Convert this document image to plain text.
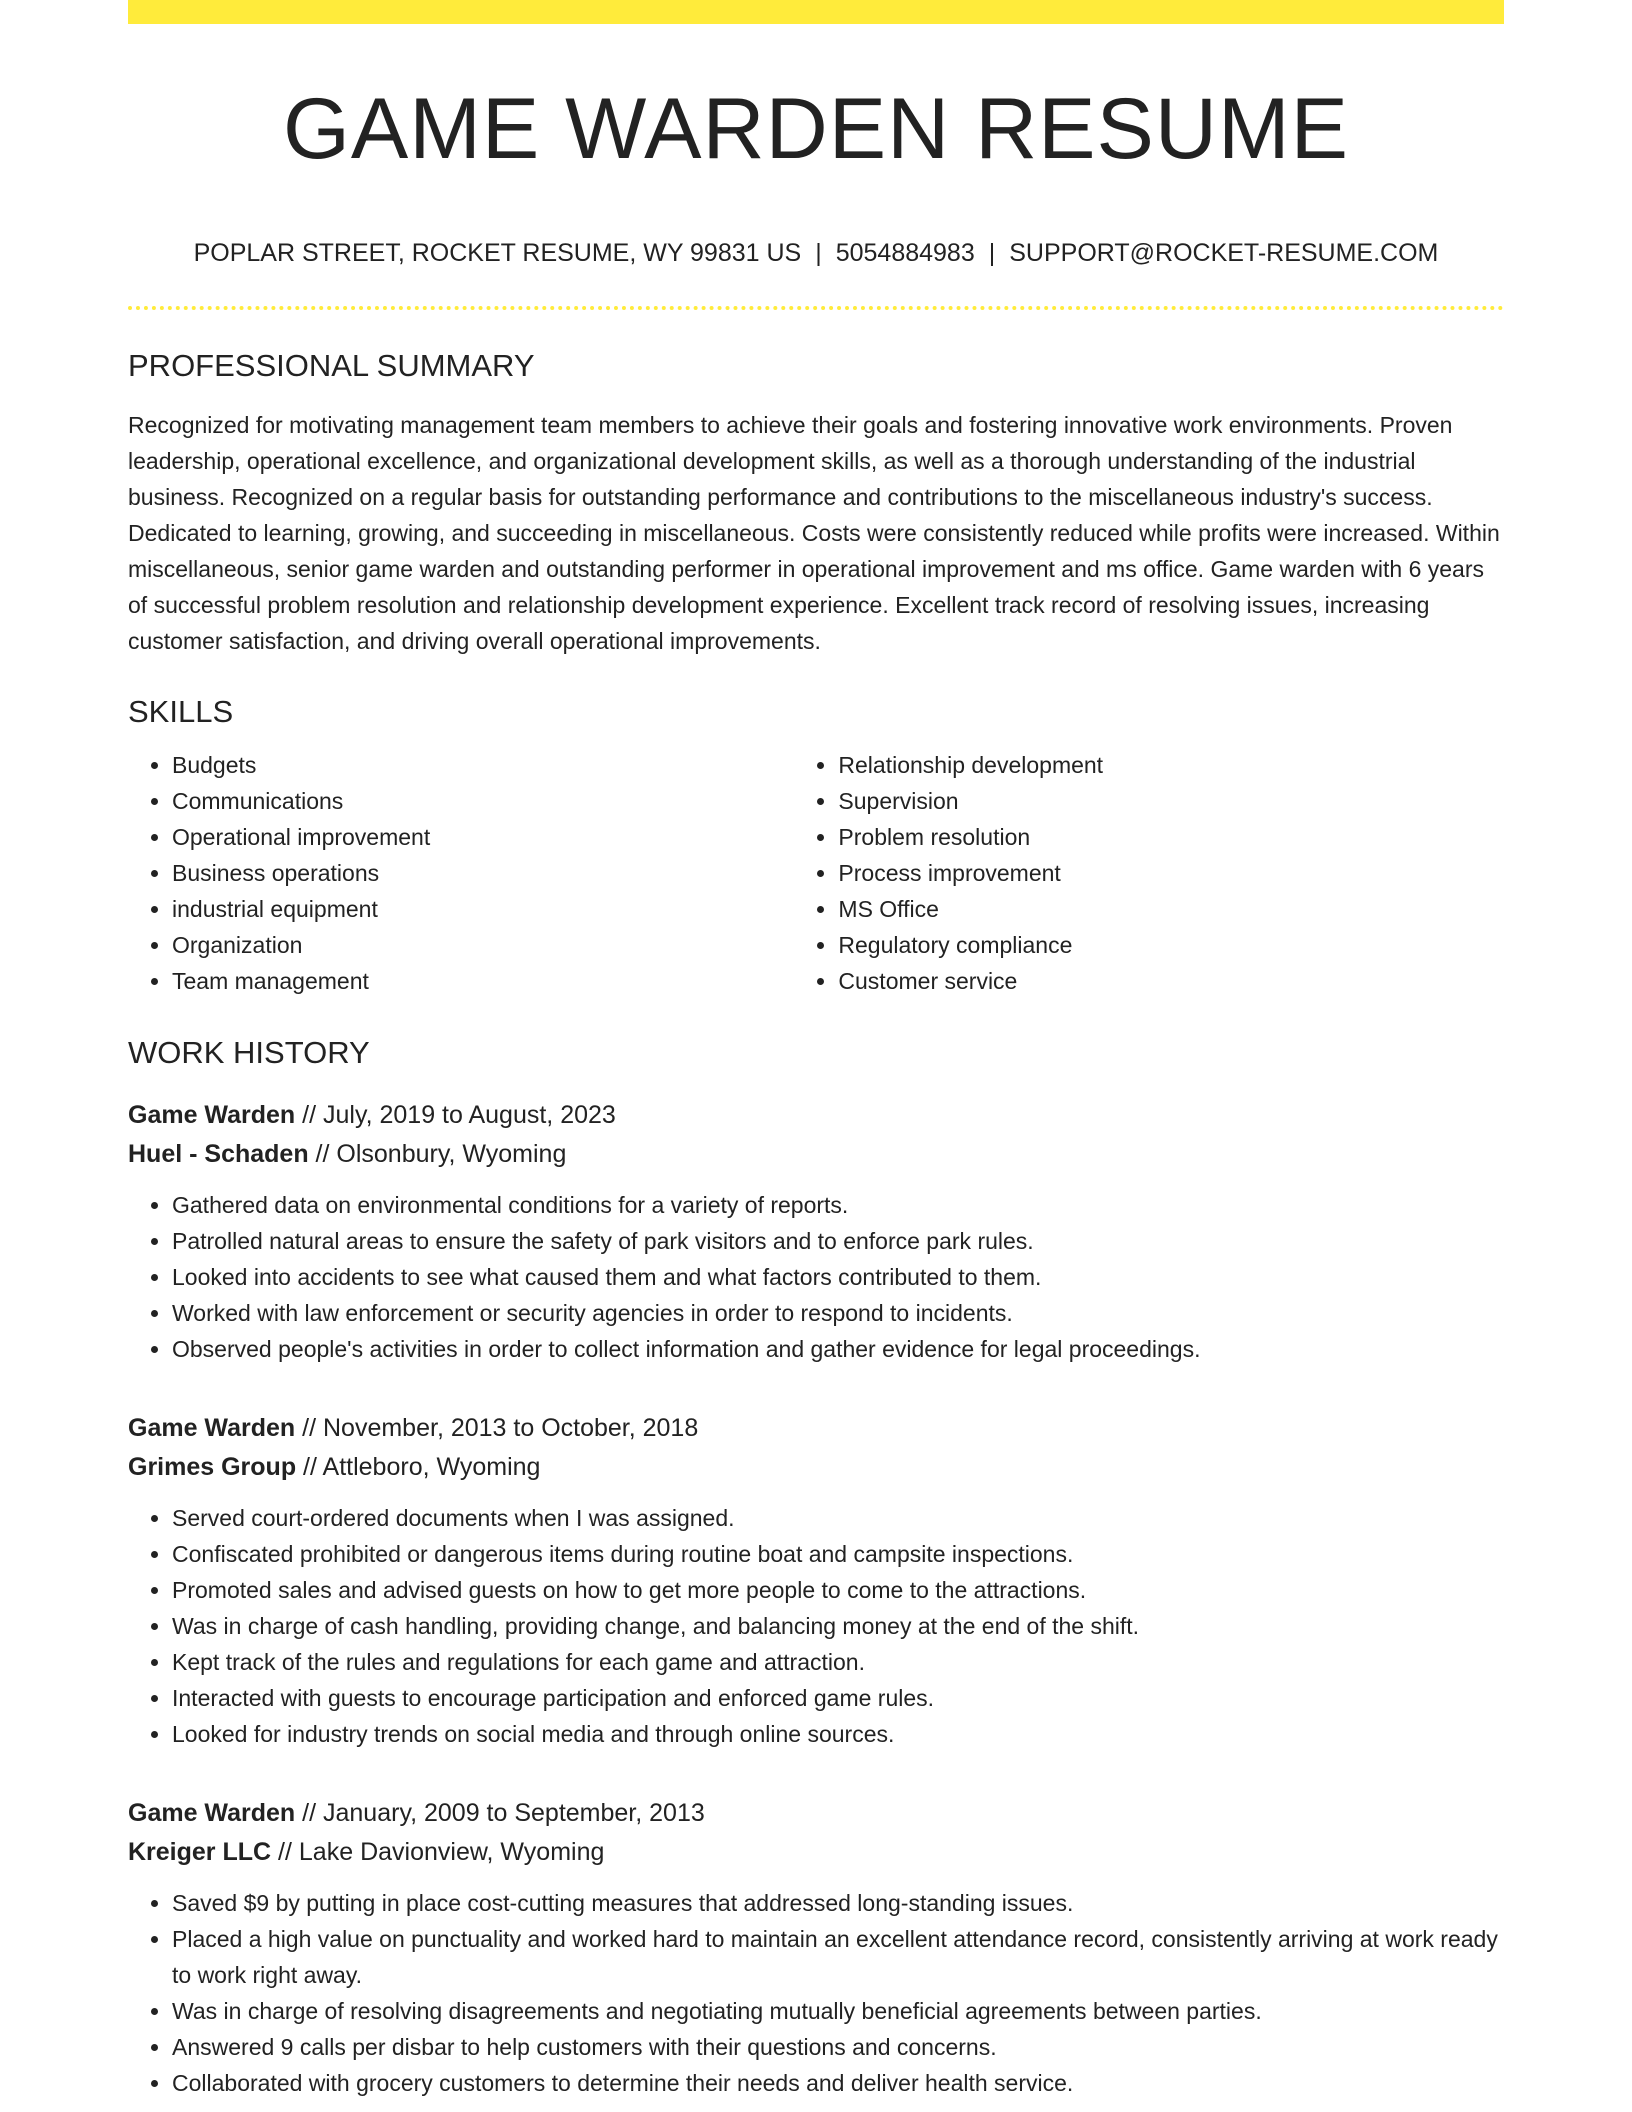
GAME WARDEN RESUME
POPLAR STREET, ROCKET RESUME, WY 99831 US | 5054884983 | SUPPORT@ROCKET-RESUME.COM
PROFESSIONAL SUMMARY
Recognized for motivating management team members to achieve their goals and fostering innovative work environments. Proven leadership, operational excellence, and organizational development skills, as well as a thorough understanding of the industrial business. Recognized on a regular basis for outstanding performance and contributions to the miscellaneous industry's success. Dedicated to learning, growing, and succeeding in miscellaneous. Costs were consistently reduced while profits were increased. Within miscellaneous, senior game warden and outstanding performer in operational improvement and ms office. Game warden with 6 years of successful problem resolution and relationship development experience. Excellent track record of resolving issues, increasing customer satisfaction, and driving overall operational improvements.
SKILLS
• Budgets
• Communications
• Operational improvement
• Business operations
• industrial equipment
• Organization
• Team management
• Relationship development
• Supervision
• Problem resolution
• Process improvement
• MS Office
• Regulatory compliance
• Customer service
WORK HISTORY
Game Warden // July, 2019 to August, 2023
Huel - Schaden // Olsonbury, Wyoming
• Gathered data on environmental conditions for a variety of reports.
• Patrolled natural areas to ensure the safety of park visitors and to enforce park rules.
• Looked into accidents to see what caused them and what factors contributed to them.
• Worked with law enforcement or security agencies in order to respond to incidents.
• Observed people's activities in order to collect information and gather evidence for legal proceedings.
Game Warden // November, 2013 to October, 2018
Grimes Group // Attleboro, Wyoming
• Served court-ordered documents when I was assigned.
• Confiscated prohibited or dangerous items during routine boat and campsite inspections.
• Promoted sales and advised guests on how to get more people to come to the attractions.
• Was in charge of cash handling, providing change, and balancing money at the end of the shift.
• Kept track of the rules and regulations for each game and attraction.
• Interacted with guests to encourage participation and enforced game rules.
• Looked for industry trends on social media and through online sources.
Game Warden // January, 2009 to September, 2013
Kreiger LLC // Lake Davionview, Wyoming
• Saved $9 by putting in place cost-cutting measures that addressed long-standing issues.
• Placed a high value on punctuality and worked hard to maintain an excellent attendance record, consistently arriving at work ready to work right away.
• Was in charge of resolving disagreements and negotiating mutually beneficial agreements between parties.
• Answered 9 calls per disbar to help customers with their questions and concerns.
• Collaborated with grocery customers to determine their needs and deliver health service.
